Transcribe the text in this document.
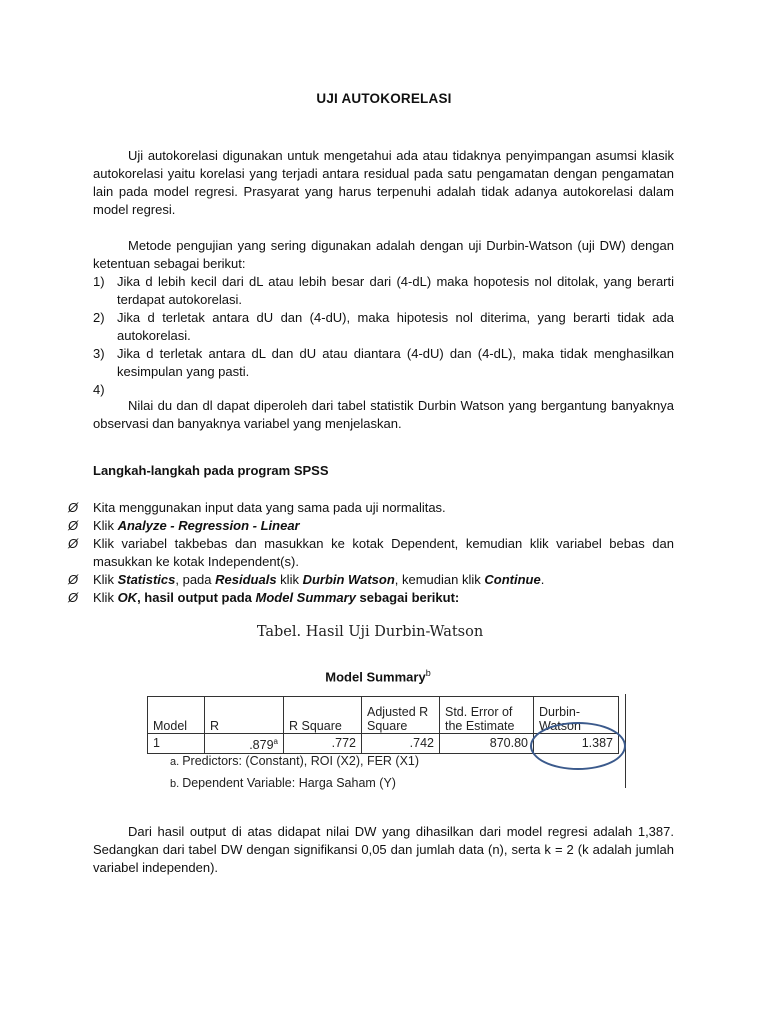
UJI AUTOKORELASI
Uji autokorelasi digunakan untuk mengetahui ada atau tidaknya penyimpangan asumsi klasik autokorelasi yaitu korelasi yang terjadi antara residual pada satu pengamatan dengan pengamatan lain pada model regresi. Prasyarat yang harus terpenuhi adalah tidak adanya autokorelasi dalam model regresi.
Metode pengujian yang sering digunakan adalah dengan uji Durbin-Watson (uji DW) dengan ketentuan sebagai berikut:
1) Jika d lebih kecil dari dL atau lebih besar dari (4-dL) maka hopotesis nol ditolak, yang berarti terdapat autokorelasi.
2) Jika d terletak antara dU dan (4-dU), maka hipotesis nol diterima, yang berarti tidak ada autokorelasi.
3) Jika d terletak antara dL dan dU atau diantara (4-dU) dan (4-dL), maka tidak menghasilkan kesimpulan yang pasti.
4)
Nilai du dan dl dapat diperoleh dari tabel statistik Durbin Watson yang bergantung banyaknya observasi dan banyaknya variabel yang menjelaskan.
Langkah-langkah pada program SPSS
Ø Kita menggunakan input data yang sama pada uji normalitas.
Ø Klik Analyze - Regression - Linear
Ø Klik variabel takbebas dan masukkan ke kotak Dependent, kemudian klik variabel bebas dan masukkan ke kotak Independent(s).
Ø Klik Statistics, pada Residuals klik Durbin Watson, kemudian klik Continue.
Ø Klik OK, hasil output pada Model Summary sebagai berikut:
Tabel. Hasil Uji Durbin-Watson
Model Summary$^b$
Model	R	R Square	Adjusted R Square	Std. Error of the Estimate	Durbin-Watson
1	.879$^a$	.772	.742	870.80	1.387
a. Predictors: (Constant), ROI (X2), FER (X1)
b. Dependent Variable: Harga Saham (Y)
Dari hasil output di atas didapat nilai DW yang dihasilkan dari model regresi adalah 1,387. Sedangkan dari tabel DW dengan signifikansi 0,05 dan jumlah data (n), serta k = 2 (k adalah jumlah variabel independen).
